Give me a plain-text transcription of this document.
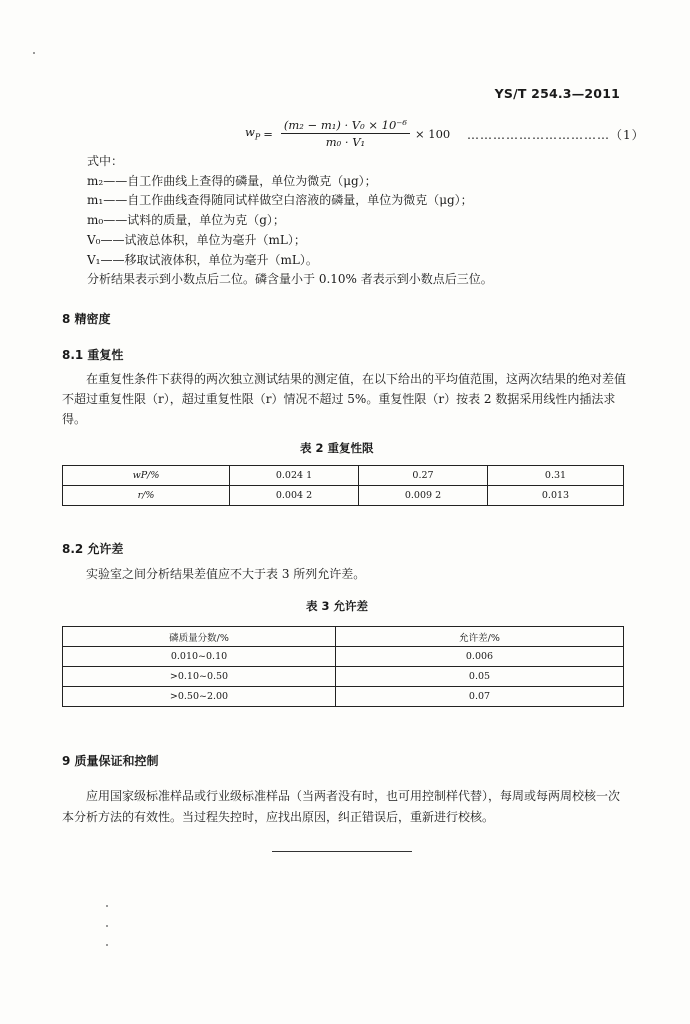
YS/T 254.3—2011
$w_P = \frac{\text{(m₂ − m₁) · V₀ × 10⁻⁶}}{\text{m₀ · V₁}} \times 100$ ……………………………（1）
式中：
m₂——自工作曲线上查得的磷量，单位为微克（μg）；
m₁——自工作曲线查得随同试样做空白溶液的磷量，单位为微克（μg）；
m₀——试料的质量，单位为克（g）；
V₀——试液总体积，单位为毫升（mL）；
V₁——移取试液体积，单位为毫升（mL）。
分析结果表示到小数点后二位。磷含量小于 0.10% 者表示到小数点后三位。
8 精密度
8.1 重复性
在重复性条件下获得的两次独立测试结果的测定值，在以下给出的平均值范围，这两次结果的绝对差值不超过重复性限（r），超过重复性限（r）情况不超过 5%。重复性限（r）按表 2 数据采用线性内插法求得。
表 2 重复性限
wP/%	0.024 1	0.27	0.31
r/%	0.004 2	0.009 2	0.013
8.2 允许差
实验室之间分析结果差值应不大于表 3 所列允许差。
表 3 允许差
磷质量分数/%	允许差/%
0.010~0.10	0.006
>0.10~0.50	0.05
>0.50~2.00	0.07
9 质量保证和控制
应用国家级标准样品或行业级标准样品（当两者没有时，也可用控制样代替），每周或每两周校核一次本分析方法的有效性。当过程失控时，应找出原因，纠正错误后，重新进行校核。
